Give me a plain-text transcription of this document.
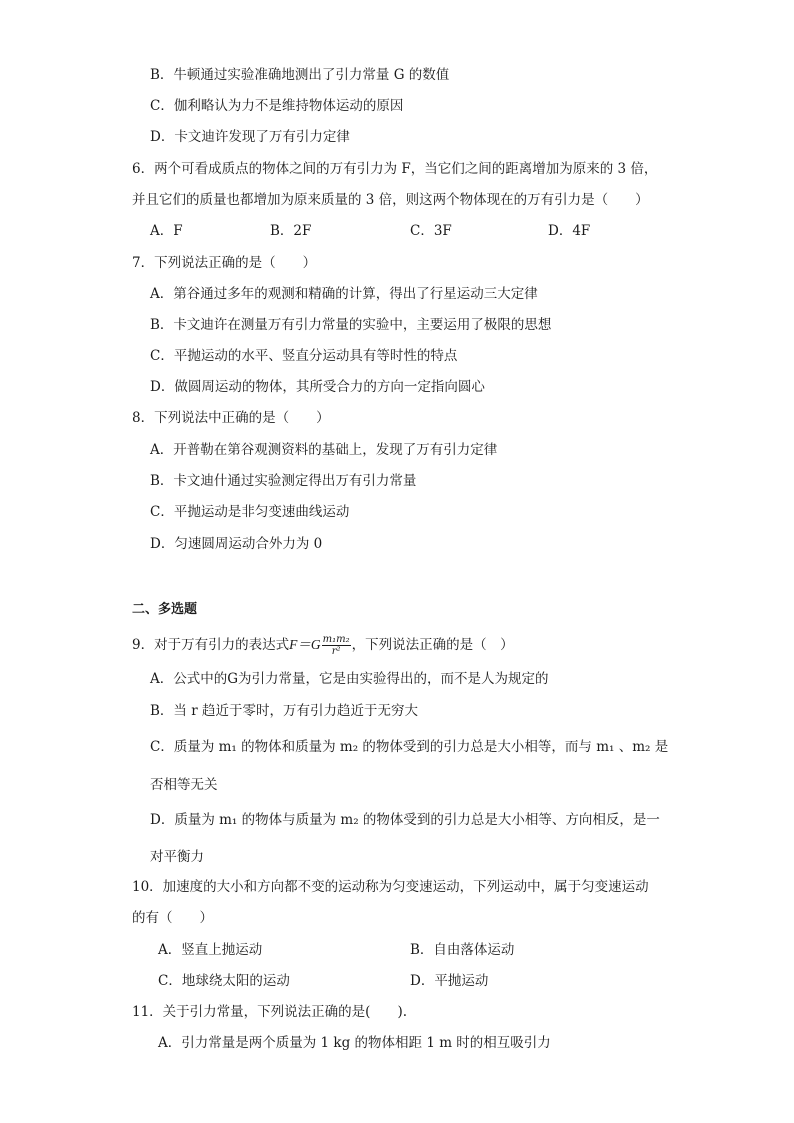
B．牛顿通过实验准确地测出了引力常量 G 的数值
C．伽利略认为力不是维持物体运动的原因
D．卡文迪许发现了万有引力定律
6．两个可看成质点的物体之间的万有引力为 F，当它们之间的距离增加为原来的 3 倍，
并且它们的质量也都增加为原来质量的 3 倍，则这两个物体现在的万有引力是（　　）
A．F	B．2F	C．3F	D．4F
7．下列说法正确的是（　　）
A．第谷通过多年的观测和精确的计算，得出了行星运动三大定律
B．卡文迪许在测量万有引力常量的实验中，主要运用了极限的思想
C．平抛运动的水平、竖直分运动具有等时性的特点
D．做圆周运动的物体，其所受合力的方向一定指向圆心
8．下列说法中正确的是（　　）
A．开普勒在第谷观测资料的基础上，发现了万有引力定律
B．卡文迪什通过实验测定得出万有引力常量
C．平抛运动是非匀变速曲线运动
D．匀速圆周运动合外力为 0
二、多选题
9．对于万有引力的表达式$F=G \frac{\text{m₁m₂}}{\text{r²}}$ ，下列说法正确的是（　）
A．公式中的G为引力常量，它是由实验得出的，而不是人为规定的
B．当 r 趋近于零时，万有引力趋近于无穷大
C．质量为 m₁ 的物体和质量为 m₂ 的物体受到的引力总是大小相等，而与 m₁ 、m₂ 是
否相等无关
D．质量为 m₁ 的物体与质量为 m₂ 的物体受到的引力总是大小相等、方向相反，是一
对平衡力
10．加速度的大小和方向都不变的运动称为匀变速运动，下列运动中，属于匀变速运动
的有（　　）
A．竖直上抛运动	B．自由落体运动
C．地球绕太阳的运动	D．平抛运动
11．关于引力常量，下列说法正确的是(　　).
A．引力常量是两个质量为 1 kg 的物体相距 1 m 时的相互吸引力
